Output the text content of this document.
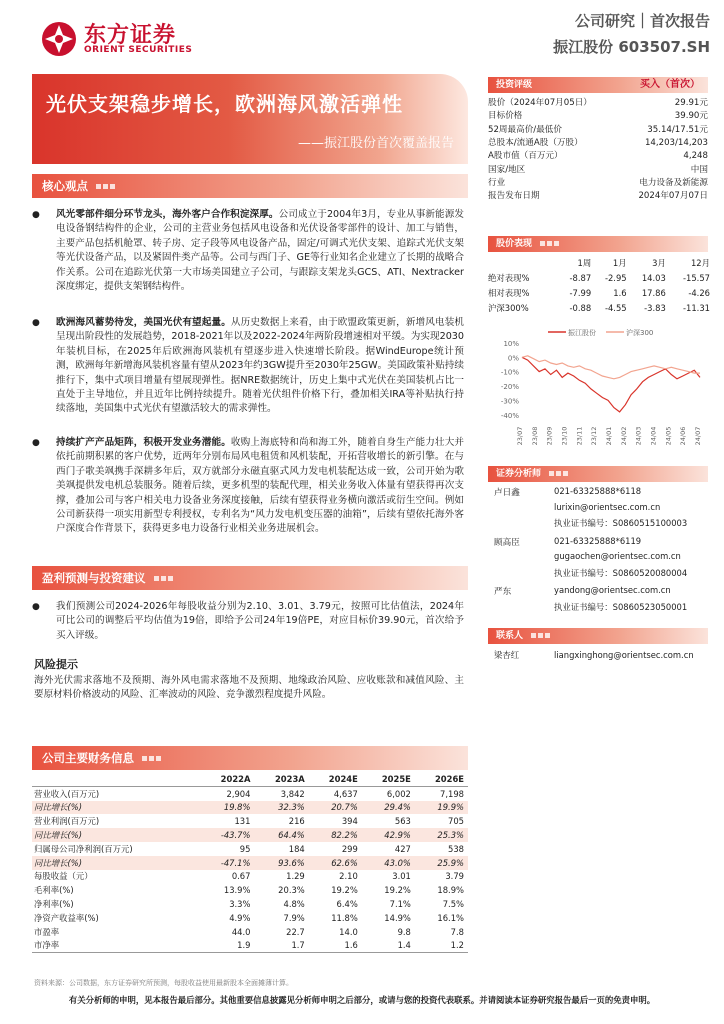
东方证券
ORIENT SECURITIES
公司研究｜首次报告
振江股份 603507.SH
光伏支架稳步增长，欧洲海风激活弹性
——振江股份首次覆盖报告
核心观点
●	风光零部件细分环节龙头，海外客户合作积淀深厚。公司成立于2004年3月，专业从事新能源发电设备钢结构件的企业，公司的主营业务包括风电设备和光伏设备零部件的设计、加工与销售，主要产品包括机舱罩、转子房、定子段等风电设备产品，固定/可调式光伏支架、追踪式光伏支架等光伏设备产品，以及紧固件类产品等。公司与西门子、GE等行业知名企业建立了长期的战略合作关系。公司在追踪光伏第一大市场美国建立子公司，与跟踪支架龙头GCS、ATI、Nextracker深度绑定，提供支架钢结构件。
●	欧洲海风蓄势待发，美国光伏有望起量。从历史数据上来看，由于欧盟政策更新，新增风电装机呈现出阶段性的发展趋势，2018-2021年以及2022-2024年两阶段增速相对平缓。为实现2030年装机目标，在2025年后欧洲海风装机有望逐步进入快速增长阶段。据WindEurope统计预测，欧洲每年新增海风装机容量有望从2023年约3GW提升至2030年25GW。美国政策补贴持续推行下，集中式项目增量有望展现弹性。据NRE数据统计，历史上集中式光伏在美国装机占比一直处于主导地位，并且近年比例持续提升。随着光伏组件价格下行，叠加相关IRA等补贴执行持续落地，美国集中式光伏有望激活较大的需求弹性。
●	持续扩产产品矩阵，积极开发业务潜能。收购上海底特和尚和海工外，随着自身生产能力壮大并依托前期积累的客户优势，近两年分别布局风电租赁和风机装配，开拓营收增长的新引擎。在与西门子歌美飒携手深耕多年后，双方就部分永磁直驱式风力发电机装配达成一致，公司开始为歌美飒提供发电机总装服务。随着后续，更多机型的装配代理，相关业务收入体量有望获得再次支撑，叠加公司与客户相关电力设备业务深度接触，后续有望获得业务横向激活或衍生空间。例如公司新获得一项实用新型专利授权，专利名为“风力发电机变压器的油箱”，后续有望依托海外客户深度合作背景下，获得更多电力设备行业相关业务进展机会。
盈利预测与投资建议
●	我们预测公司2024-2026年每股收益分别为2.10、3.01、3.79元，按照可比估值法，2024年可比公司的调整后平均估值为19倍，即给予公司24年19倍PE，对应目标价39.90元，首次给予买入评级。
风险提示
海外光伏需求落地不及预期、海外风电需求落地不及预期、地缘政治风险、应收账款和减值风险、主要原材料价格波动的风险、汇率波动的风险、竞争激烈程度提升风险。
公司主要财务信息
	2022A	2023A	2024E	2025E	2026E
营业收入(百万元)	2,904	3,842	4,637	6,002	7,198
同比增长(%)	19.8%	32.3%	20.7%	29.4%	19.9%
营业利润(百万元)	131	216	394	563	705
同比增长(%)	-43.7%	64.4%	82.2%	42.9%	25.3%
归属母公司净利润(百万元)	95	184	299	427	538
同比增长(%)	-47.1%	93.6%	62.6%	43.0%	25.9%
每股收益（元）	0.67	1.29	2.10	3.01	3.79
毛利率(%)	13.9%	20.3%	19.2%	19.2%	18.9%
净利率(%)	3.3%	4.8%	6.4%	7.1%	7.5%
净资产收益率(%)	4.9%	7.9%	11.8%	14.9%	16.1%
市盈率	44.0	22.7	14.0	9.8	7.8
市净率	1.9	1.7	1.6	1.4	1.2
资料来源：公司数据，东方证券研究所预测，每股收益使用最新股本全面摊薄计算。
投资评级	买入（首次）
股价（2024年07月05日）	29.91元
目标价格	39.90元
52周最高价/最低价	35.14/17.51元
总股本/流通A股（万股）	14,203/14,203
A股市值（百万元）	4,248
国家/地区	中国
行业	电力设备及新能源
报告发布日期	2024年07月07日
股价表现
	1周	1月	3月	12月
绝对表现%	-8.87	-2.95	14.03	-15.57
相对表现%	-7.99	1.6	17.86	-4.26
沪深300%	-0.88	-4.55	-3.83	-11.31
振江股份	沪深300
10%
0%
-10%
-20%
-30%
-40%
23/07 23/08 23/09 23/10 23/11 23/12 24/01 24/02 24/03 24/04 24/05 24/06 24/07
证券分析师
卢日鑫	021-63325888*6118
lurixin@orientsec.com.cn
执业证书编号：S0860515100003
顾高臣	021-63325888*6119
gugaochen@orientsec.com.cn
执业证书编号：S0860520080004
严东	yandong@orientsec.com.cn
执业证书编号：S0860523050001
联系人
梁杏红	liangxinghong@orientsec.com.cn
有关分析师的申明，见本报告最后部分。其他重要信息披露见分析师申明之后部分，或请与您的投资代表联系。并请阅读本证券研究报告最后一页的免责申明。
